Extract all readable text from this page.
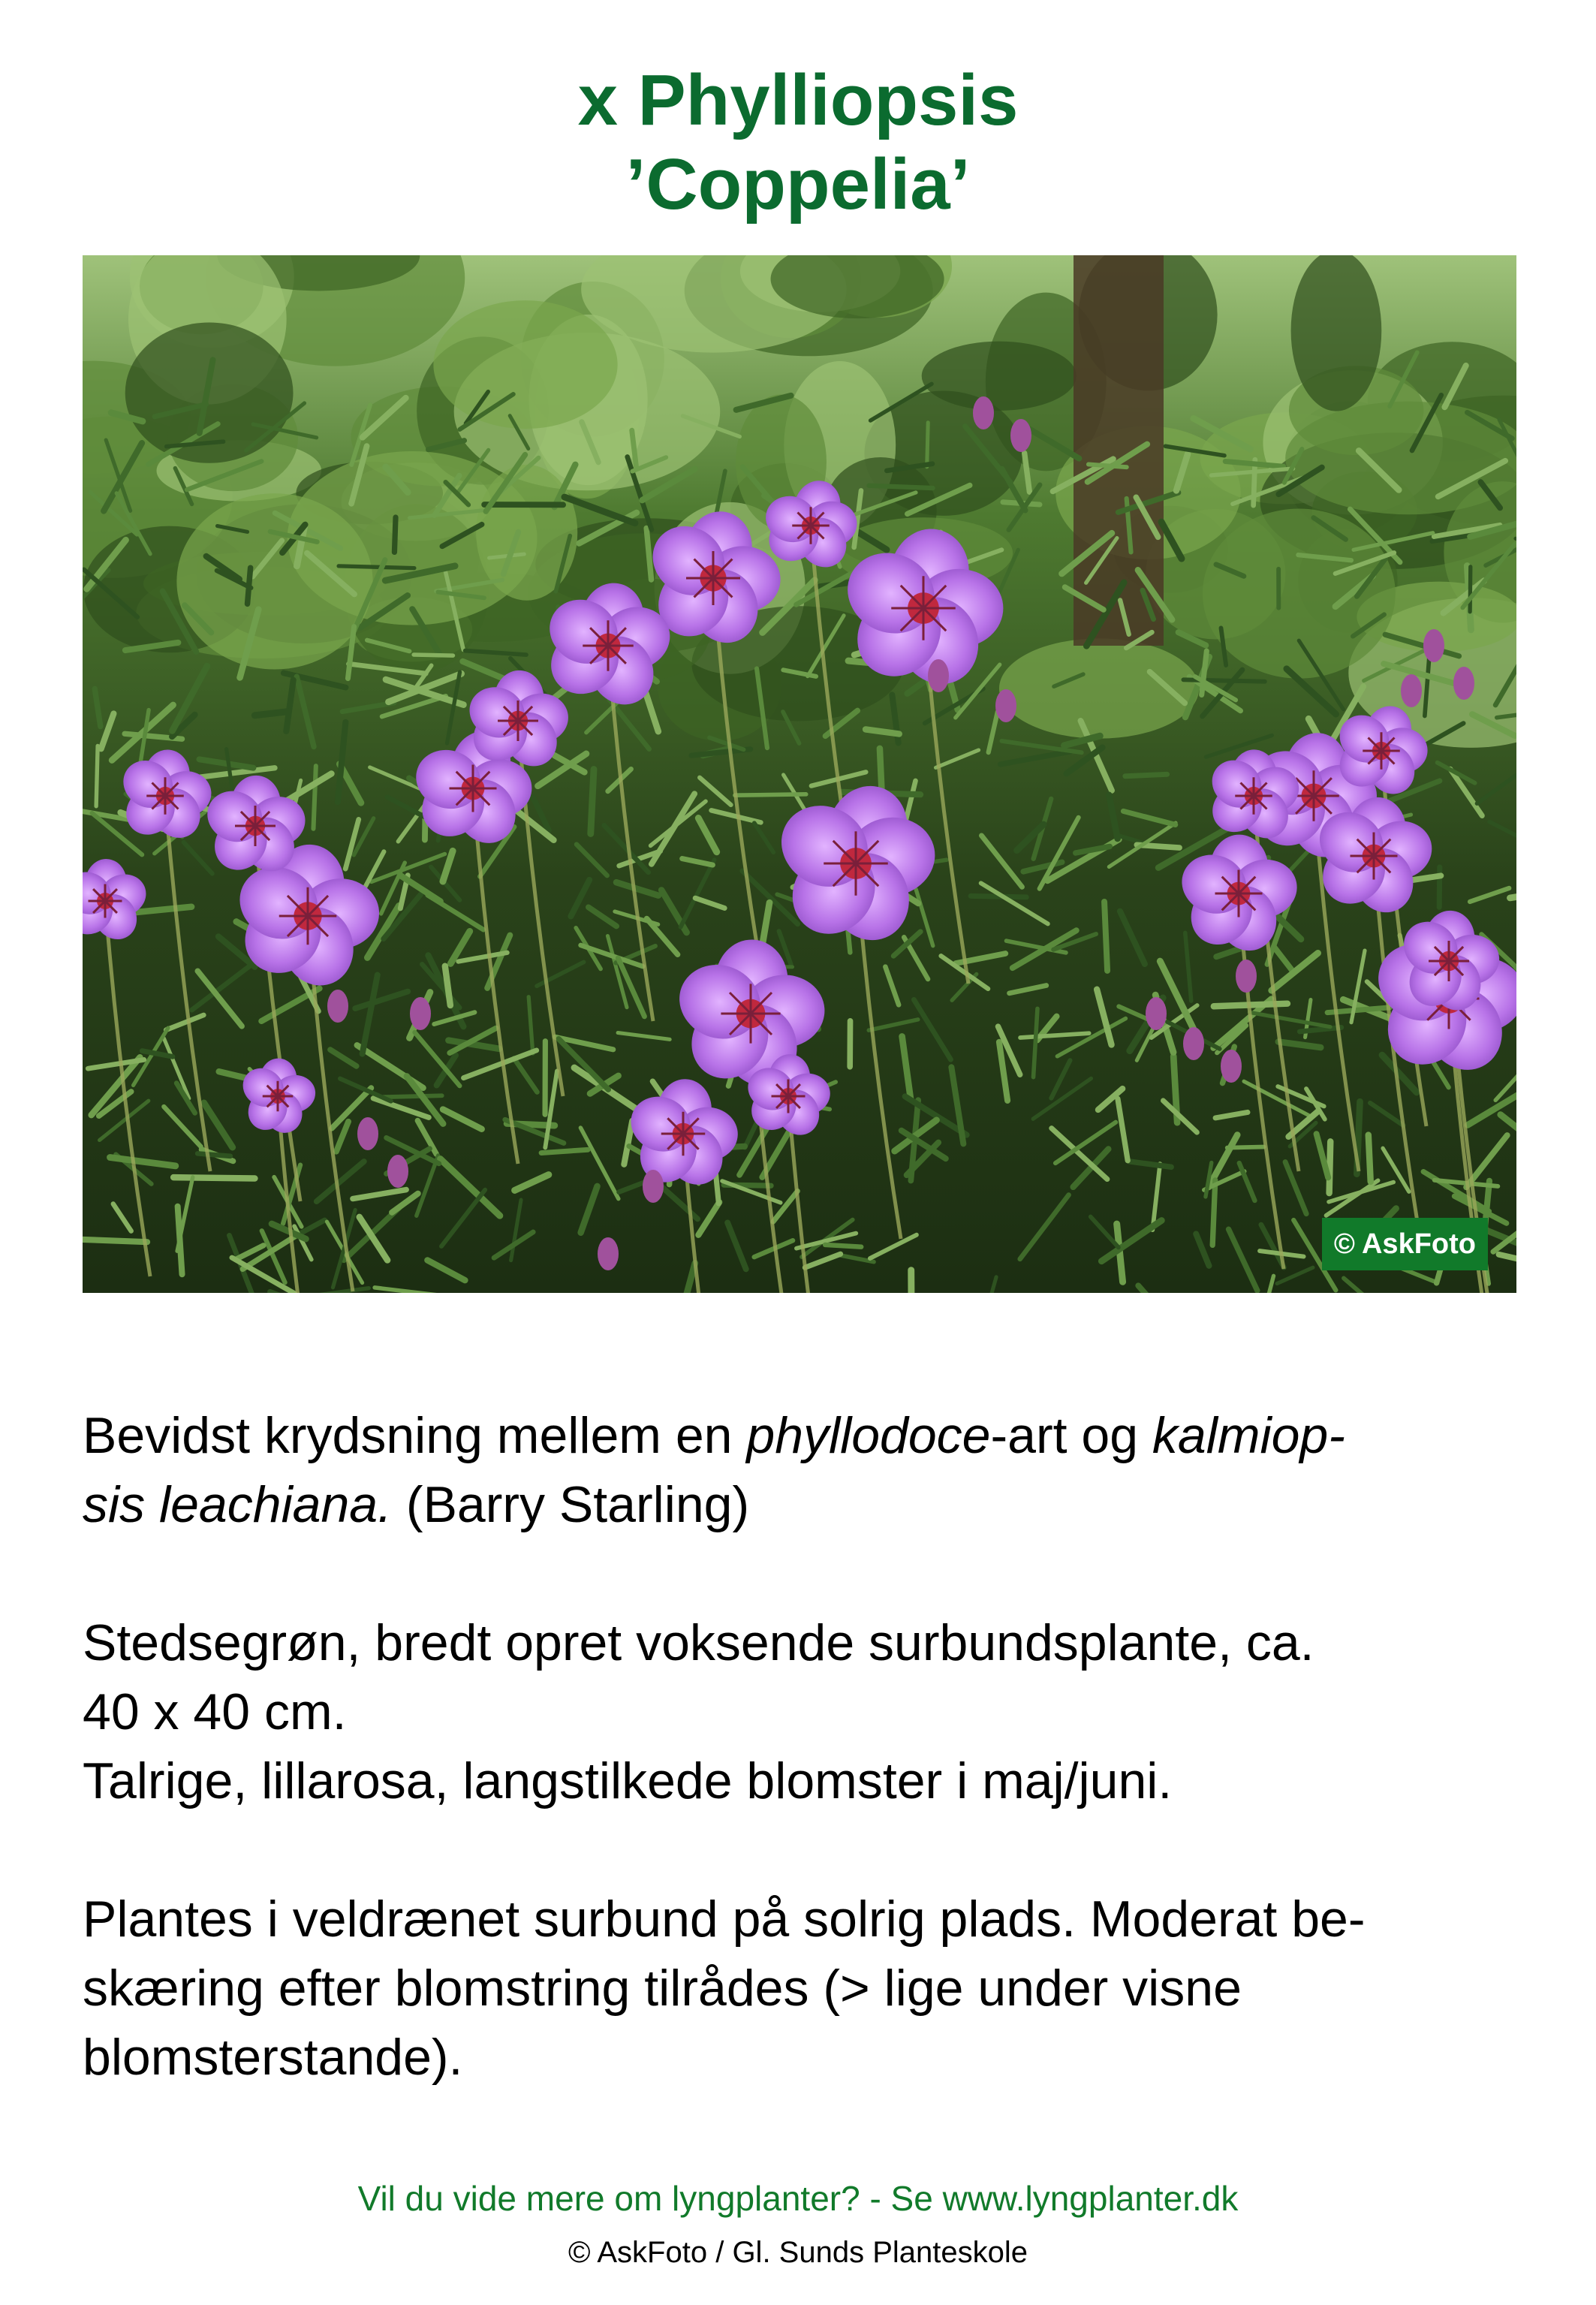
x Phylliopsis
’Coppelia’
© AskFoto

Bevidst krydsning mellem en phyllodoce-art og kalmiop-
sis leachiana. (Barry Starling)

Stedsegrøn, bredt opret voksende surbundsplante, ca.
40 x 40 cm.
Talrige, lillarosa, langstilkede blomster i maj/juni.

Plantes i veldrænet surbund på solrig plads. Moderat be-
skæring efter blomstring tilrådes (> lige under visne
blomsterstande).

Vil du vide mere om lyngplanter? - Se www.lyngplanter.dk
© AskFoto / Gl. Sunds Planteskole
